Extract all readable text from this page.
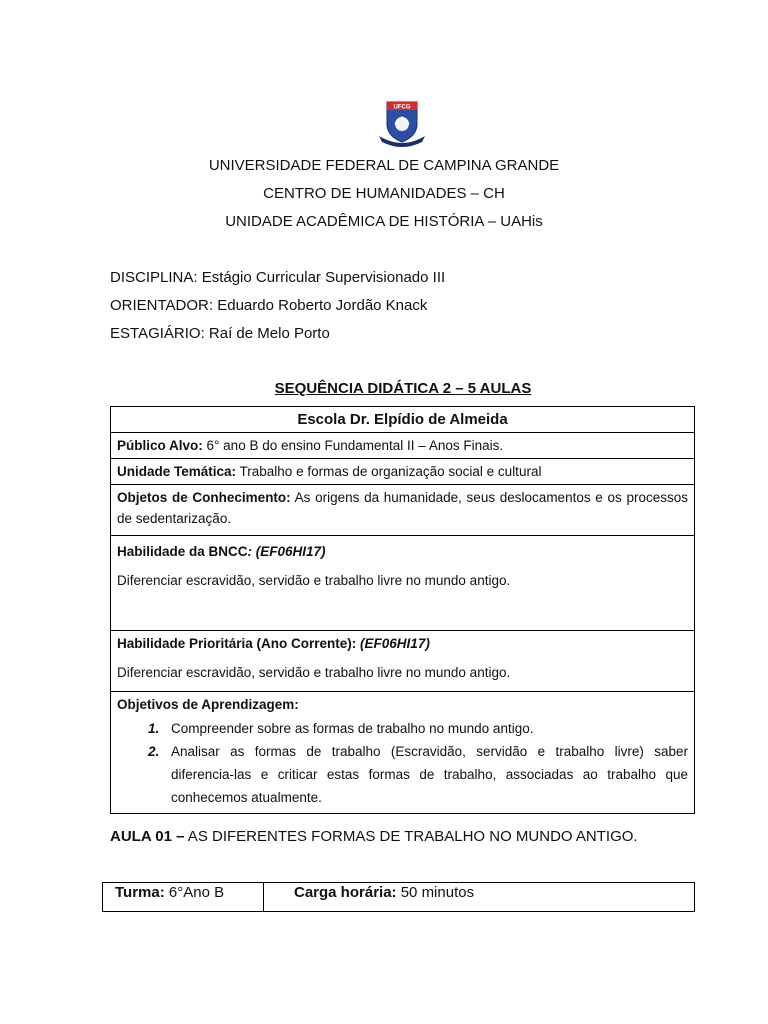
UFCG
UNIVERSIDADE FEDERAL DE CAMPINA GRANDE
CENTRO DE HUMANIDADES – CH
UNIDADE ACADÊMICA DE HISTÓRIA – UAHis
DISCIPLINA: Estágio Curricular Supervisionado III
ORIENTADOR: Eduardo Roberto Jordão Knack
ESTAGIÁRIO: Raí de Melo Porto
SEQUÊNCIA DIDÁTICA 2 – 5 AULAS
Escola Dr. Elpídio de Almeida
Público Alvo: 6° ano B do ensino Fundamental II – Anos Finais.
Unidade Temática: Trabalho e formas de organização social e cultural
Objetos de Conhecimento: As origens da humanidade, seus deslocamentos e os processos de sedentarização.

Habilidade da BNCC: (EF06HI17)
Diferenciar escravidão, servidão e trabalho livre no mundo antigo.

Habilidade Prioritária (Ano Corrente): (EF06HI17)
Diferenciar escravidão, servidão e trabalho livre no mundo antigo.

Objetivos de Aprendizagem:
1. Compreender sobre as formas de trabalho no mundo antigo.
2. Analisar as formas de trabalho (Escravidão, servidão e trabalho livre) saber diferencia-las e criticar estas formas de trabalho, associadas ao trabalho que conhecemos atualmente.
AULA 01 – AS DIFERENTES FORMAS DE TRABALHO NO MUNDO ANTIGO.
Turma: 6°Ano B	Carga horária: 50 minutos
